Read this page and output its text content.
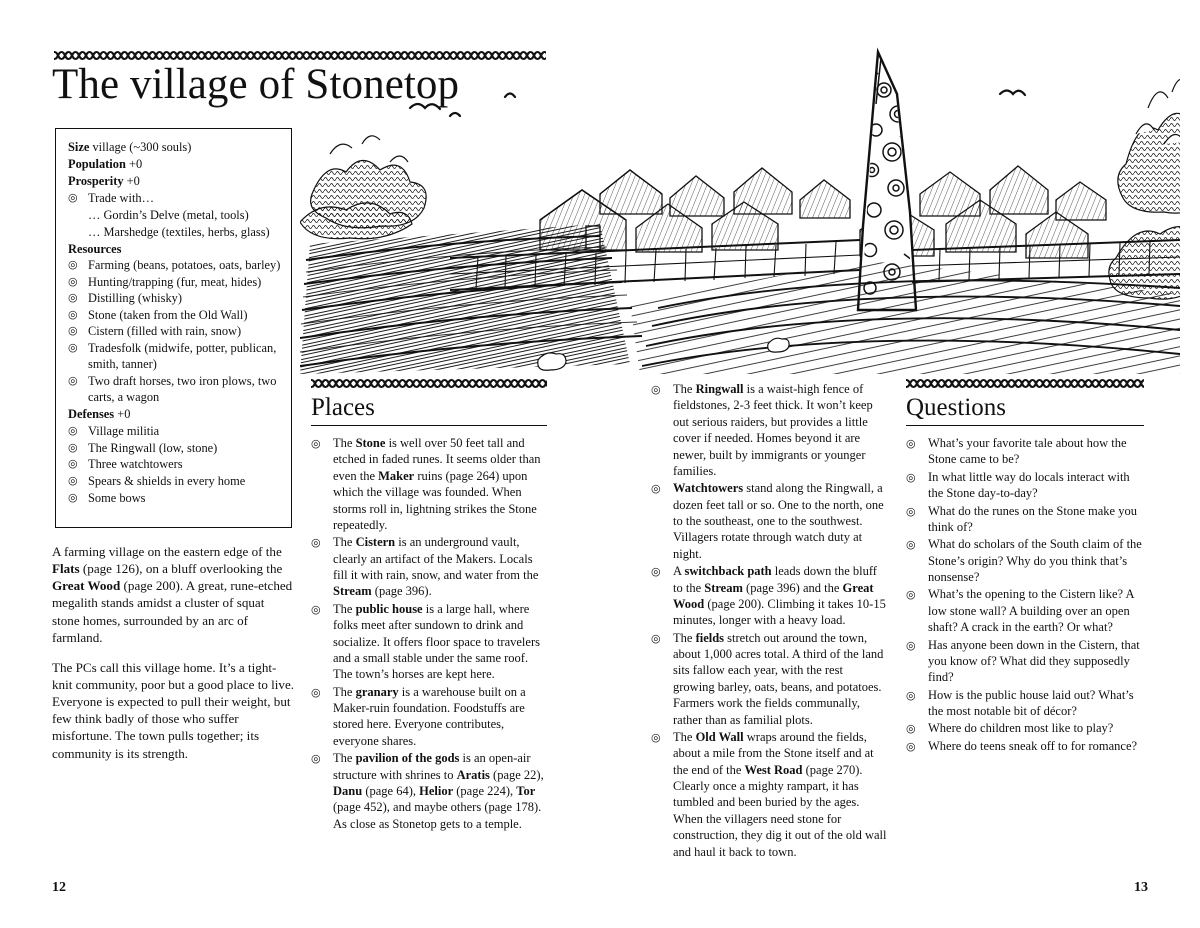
The village of Stonetop
Size village (~300 souls)
Population +0
Prosperity +0
◎ Trade with…
… Gordin’s Delve (metal, tools)
… Marshedge (textiles, herbs, glass)
Resources
◎ Farming (beans, potatoes, oats, barley)
◎ Hunting/trapping (fur, meat, hides)
◎ Distilling (whisky)
◎ Stone (taken from the Old Wall)
◎ Cistern (filled with rain, snow)
◎ Tradesfolk (midwife, potter, publican, smith, tanner)
◎ Two draft horses, two iron plows, two carts, a wagon
Defenses +0
◎ Village militia
◎ The Ringwall (low, stone)
◎ Three watchtowers
◎ Spears & shields in every home
◎ Some bows

A farming village on the eastern edge of the Flats (page 126), on a bluff overlooking the Great Wood (page 200). A great, rune-etched megalith stands amidst a cluster of squat stone homes, surrounded by an arc of farmland.

The PCs call this village home. It’s a tight-knit community, poor but a good place to live. Everyone is expected to pull their weight, but few think badly of those who suffer misfortune. The town pulls together; its community is its strength.

Places
◎ The Stone is well over 50 feet tall and etched in faded runes. It seems older than even the Maker ruins (page 264) upon which the village was founded. When storms roll in, lightning strikes the Stone repeatedly.
◎ The Cistern is an underground vault, clearly an artifact of the Makers. Locals fill it with rain, snow, and water from the Stream (page 396).
◎ The public house is a large hall, where folks meet after sundown to drink and socialize. It offers floor space to travelers and a small stable under the same roof. The town’s horses are kept here.
◎ The granary is a warehouse built on a Maker-ruin foundation. Foodstuffs are stored here. Everyone contributes, everyone shares.
◎ The pavilion of the gods is an open-air structure with shrines to Aratis (page 22), Danu (page 64), Helior (page 224), Tor (page 452), and maybe others (page 178). As close as Stonetop gets to a temple.
◎ The Ringwall is a waist-high fence of fieldstones, 2-3 feet thick. It won’t keep out serious raiders, but provides a little cover if needed. Homes beyond it are newer, built by immigrants or younger families.
◎ Watchtowers stand along the Ringwall, a dozen feet tall or so. One to the north, one to the southeast, one to the southwest. Villagers rotate through watch duty at night.
◎ A switchback path leads down the bluff to the Stream (page 396) and the Great Wood (page 200). Climbing it takes 10-15 minutes, longer with a heavy load.
◎ The fields stretch out around the town, about 1,000 acres total. A third of the land sits fallow each year, with the rest growing barley, oats, beans, and potatoes. Farmers work the fields communally, rather than as familial plots.
◎ The Old Wall wraps around the fields, about a mile from the Stone itself and at the end of the West Road (page 270). Clearly once a mighty rampart, it has tumbled and been buried by the ages. When the villagers need stone for construction, they dig it out of the old wall and haul it back to town.
Questions
◎ What’s your favorite tale about how the Stone came to be?
◎ In what little way do locals interact with the Stone day-to-day?
◎ What do the runes on the Stone make you think of?
◎ What do scholars of the South claim of the Stone’s origin? Why do you think that’s nonsense?
◎ What’s the opening to the Cistern like? A low stone wall? A building over an open shaft? A crack in the earth? Or what?
◎ Has anyone been down in the Cistern, that you know of? What did they supposedly find?
◎ How is the public house laid out? What’s the most notable bit of décor?
◎ Where do children most like to play?
◎ Where do teens sneak off to for romance?
12	13
